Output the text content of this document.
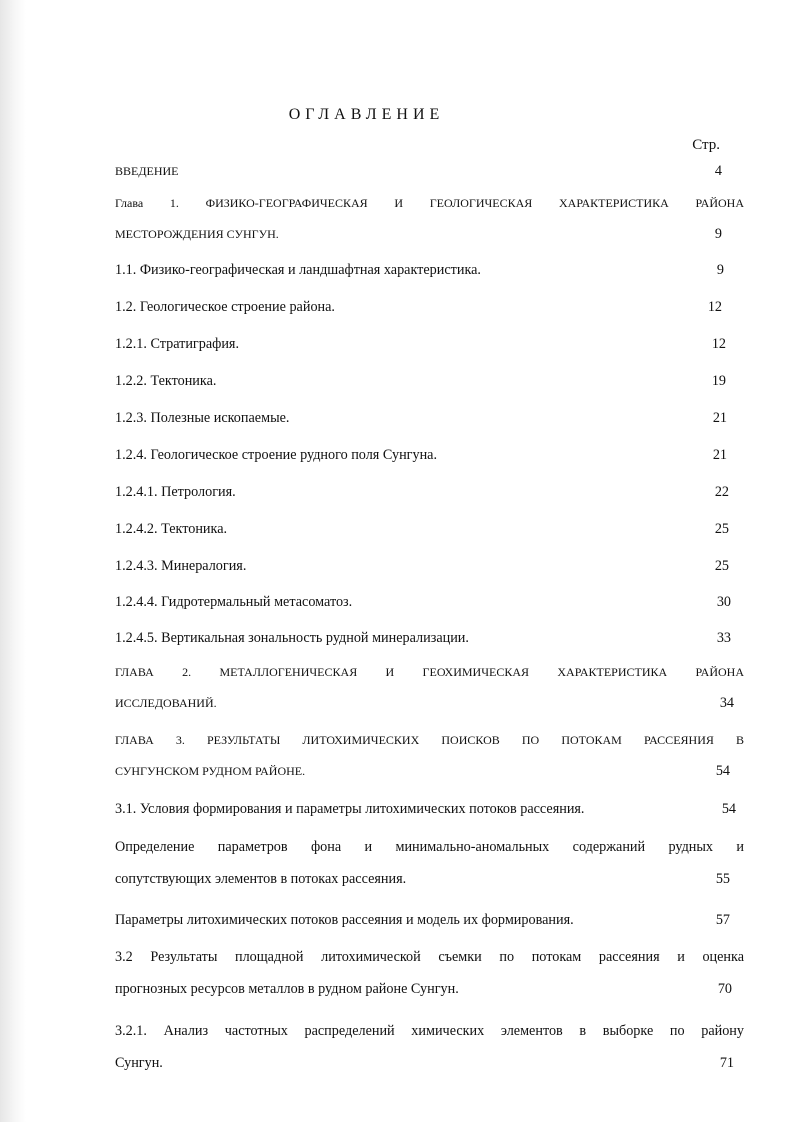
ОГЛАВЛЕНИЕ
Стр.
ВВЕДЕНИЕ	4
Глава 1. ФИЗИКО-ГЕОГРАФИЧЕСКАЯ И ГЕОЛОГИЧЕСКАЯ ХАРАКТЕРИСТИКА РАЙОНА
МЕСТОРОЖДЕНИЯ СУНГУН.	9
1.1. Физико-географическая и ландшафтная характеристика.	9
1.2. Геологическое строение района.	12
1.2.1. Стратиграфия.	12
1.2.2. Тектоника.	19
1.2.3. Полезные ископаемые.	21
1.2.4. Геологическое строение рудного поля Сунгуна.	21
1.2.4.1. Петрология.	22
1.2.4.2. Тектоника.	25
1.2.4.3. Минералогия.	25
1.2.4.4. Гидротермальный метасоматоз.	30
1.2.4.5. Вертикальная зональность рудной минерализации.	33
ГЛАВА 2. МЕТАЛЛОГЕНИЧЕСКАЯ И ГЕОХИМИЧЕСКАЯ ХАРАКТЕРИСТИКА РАЙОНА
ИССЛЕДОВАНИЙ.	34
ГЛАВА 3. РЕЗУЛЬТАТЫ ЛИТОХИМИЧЕСКИХ ПОИСКОВ ПО ПОТОКАМ РАССЕЯНИЯ В
СУНГУНСКОМ РУДНОМ РАЙОНЕ.	54
3.1. Условия формирования и параметры литохимических потоков рассеяния.	54
Определение параметров фона и минимально-аномальных содержаний рудных и
сопутствующих элементов в потоках рассеяния.	55
Параметры литохимических потоков рассеяния и модель их формирования.	57
3.2 Результаты площадной литохимической съемки по потокам рассеяния и оценка
прогнозных ресурсов металлов в рудном районе Сунгун.	70
3.2.1. Анализ частотных распределений химических элементов в выборке по району
Сунгун.	71
